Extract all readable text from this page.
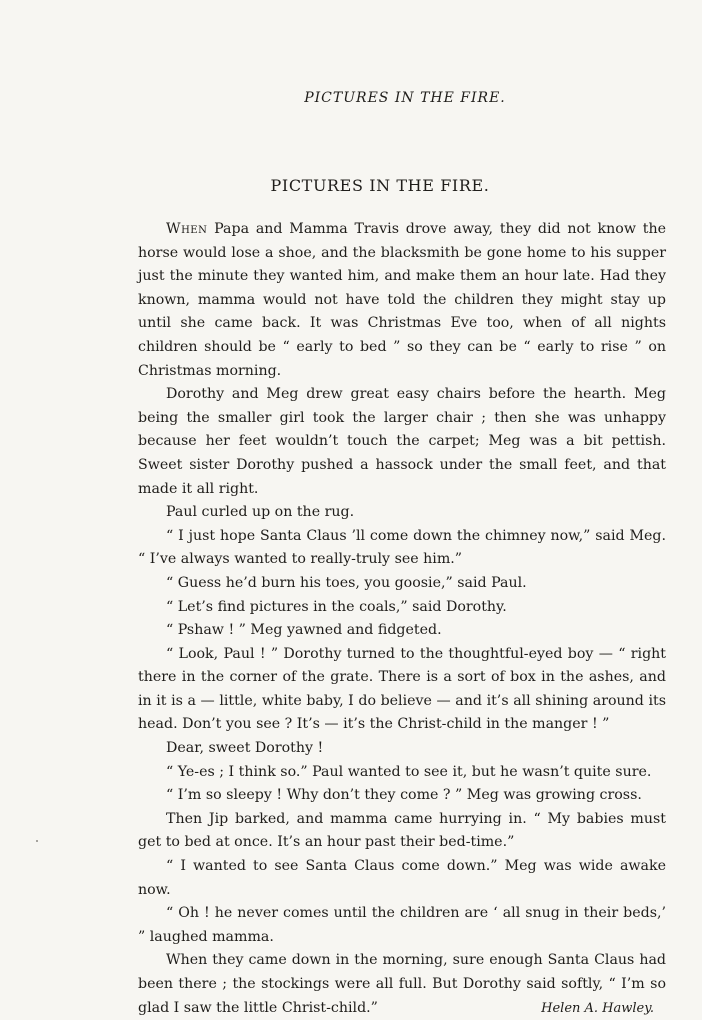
PICTURES IN THE FIRE.
PICTURES IN THE FIRE.

When Papa and Mamma Travis drove away, they did not know the horse would lose a shoe, and the blacksmith be gone home to his supper just the minute they wanted him, and make them an hour late. Had they known, mamma would not have told the children they might stay up until she came back. It was Christmas Eve too, when of all nights children should be “ early to bed ” so they can be “ early to rise ” on Christmas morning.

Dorothy and Meg drew great easy chairs before the hearth. Meg being the smaller girl took the larger chair ; then she was unhappy because her feet wouldn’t touch the carpet; Meg was a bit pettish. Sweet sister Dorothy pushed a hassock under the small feet, and that made it all right.

Paul curled up on the rug.

“ I just hope Santa Claus ’ll come down the chimney now,” said Meg. “ I’ve always wanted to really-truly see him.”

“ Guess he’d burn his toes, you goosie,” said Paul.

“ Let’s find pictures in the coals,” said Dorothy.

“ Pshaw ! ” Meg yawned and fidgeted.

“ Look, Paul ! ” Dorothy turned to the thoughtful-eyed boy — “ right there in the corner of the grate. There is a sort of box in the ashes, and in it is a — little, white baby, I do believe — and it’s all shining around its head. Don’t you see ? It’s — it’s the Christ-child in the manger ! ”

Dear, sweet Dorothy !

“ Ye-es ; I think so.” Paul wanted to see it, but he wasn’t quite sure.

“ I’m so sleepy ! Why don’t they come ? ” Meg was growing cross.

Then Jip barked, and mamma came hurrying in. “ My babies must get to bed at once. It’s an hour past their bed-time.”

“ I wanted to see Santa Claus come down.” Meg was wide awake now.

“ Oh ! he never comes until the children are ‘ all snug in their beds,’ ” laughed mamma.

When they came down in the morning, sure enough Santa Claus had been there ; the stockings were all full. But Dorothy said softly, “ I’m so glad I saw the little Christ-child.”	Helen A. Hawley.
